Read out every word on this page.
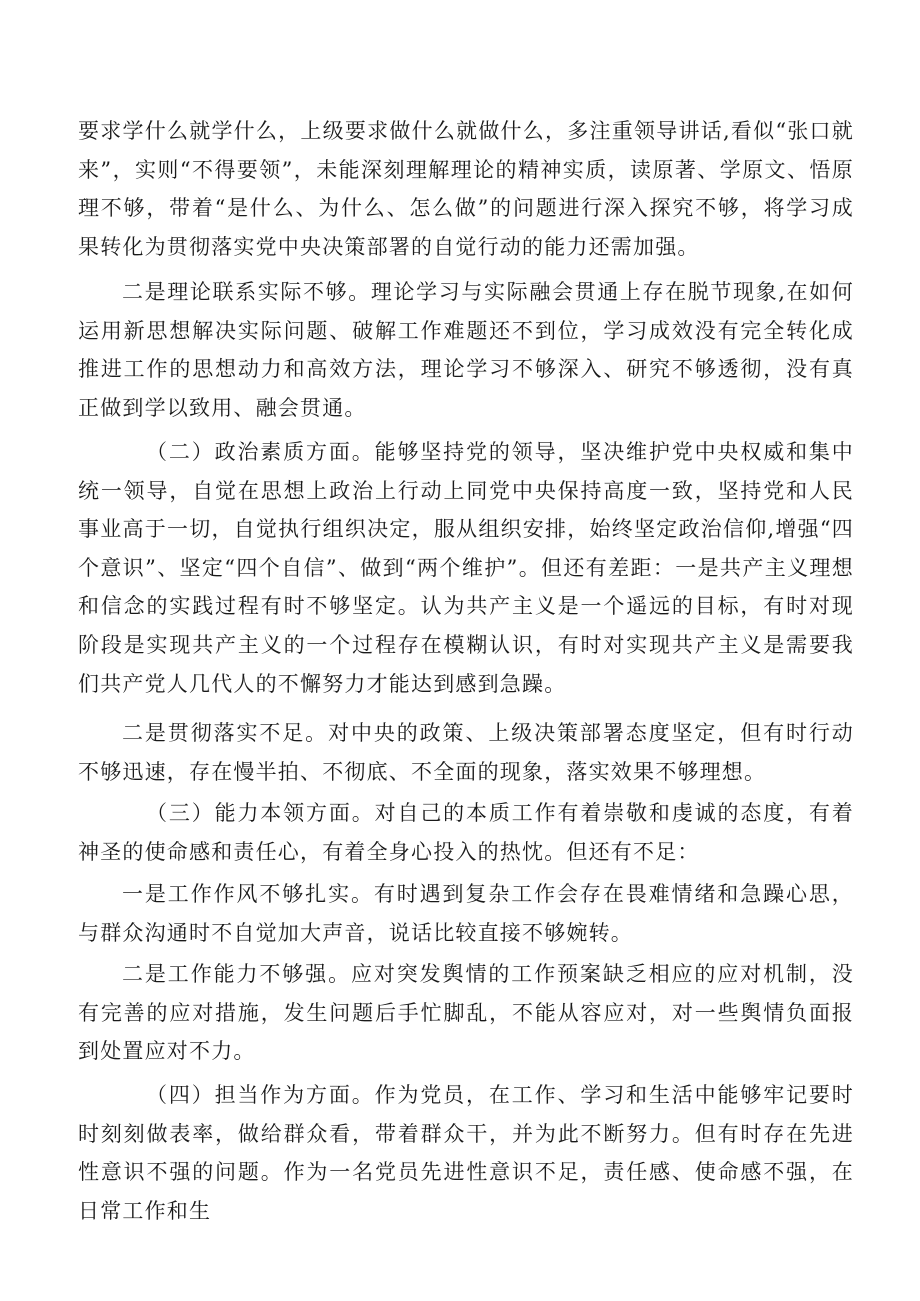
要求学什么就学什么，上级要求做什么就做什么，多注重领导讲话,看似“张口就来”，实则“不得要领”，未能深刻理解理论的精神实质，读原著、学原文、悟原理不够，带着“是什么、为什么、怎么做”的问题进行深入探究不够，将学习成果转化为贯彻落实党中央决策部署的自觉行动的能力还需加强。

二是理论联系实际不够。理论学习与实际融会贯通上存在脱节现象,在如何运用新思想解决实际问题、破解工作难题还不到位，学习成效没有完全转化成推进工作的思想动力和高效方法，理论学习不够深入、研究不够透彻，没有真正做到学以致用、融会贯通。

（二）政治素质方面。能够坚持党的领导，坚决维护党中央权威和集中统一领导，自觉在思想上政治上行动上同党中央保持高度一致，坚持党和人民事业高于一切，自觉执行组织决定，服从组织安排，始终坚定政治信仰,增强“四个意识”、坚定“四个自信”、做到“两个维护”。但还有差距：一是共产主义理想和信念的实践过程有时不够坚定。认为共产主义是一个遥远的目标，有时对现阶段是实现共产主义的一个过程存在模糊认识，有时对实现共产主义是需要我们共产党人几代人的不懈努力才能达到感到急躁。

二是贯彻落实不足。对中央的政策、上级决策部署态度坚定，但有时行动不够迅速，存在慢半拍、不彻底、不全面的现象，落实效果不够理想。

（三）能力本领方面。对自己的本质工作有着崇敬和虔诚的态度，有着神圣的使命感和责任心，有着全身心投入的热忱。但还有不足：

一是工作作风不够扎实。有时遇到复杂工作会存在畏难情绪和急躁心思，与群众沟通时不自觉加大声音，说话比较直接不够婉转。

二是工作能力不够强。应对突发舆情的工作预案缺乏相应的应对机制，没有完善的应对措施，发生问题后手忙脚乱，不能从容应对，对一些舆情负面报到处置应对不力。

（四）担当作为方面。作为党员，在工作、学习和生活中能够牢记要时时刻刻做表率，做给群众看，带着群众干，并为此不断努力。但有时存在先进性意识不强的问题。作为一名党员先进性意识不足，责任感、使命感不强，在日常工作和生
